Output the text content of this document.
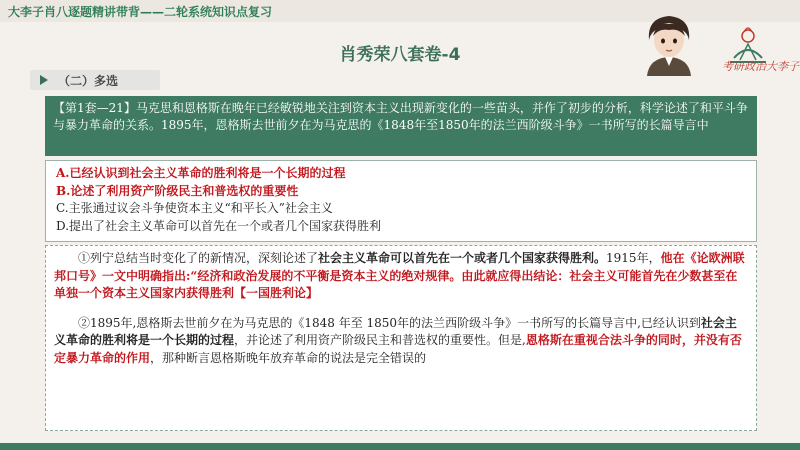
大李子肖八逐题精讲带背——二轮系统知识点复习
肖秀荣八套卷-4
考研政治大李子
（二）多选
【第1套—21】马克思和恩格斯在晚年已经敏锐地关注到资本主义出现新变化的一些苗头，并作了初步的分析，科学论述了和平斗争与暴力革命的关系。1895年，恩格斯去世前夕在为马克思的《1848年至1850年的法兰西阶级斗争》一书所写的长篇导言中
A.已经认识到社会主义革命的胜利将是一个长期的过程
B.论述了利用资产阶级民主和普选权的重要性
C.主张通过议会斗争使资本主义“和平长入”社会主义
D.提出了社会主义革命可以首先在一个或者几个国家获得胜利

①列宁总结当时变化了的新情况，深刻论述了社会主义革命可以首先在一个或者几个国家获得胜利。1915年，他在《论欧洲联邦口号》一文中明确指出:“经济和政治发展的不平衡是资本主义的绝对规律。由此就应得出结论：社会主义可能首先在少数甚至在单独一个资本主义国家内获得胜利【一国胜利论】

②1895年,恩格斯去世前夕在为马克思的《1848 年至 1850年的法兰西阶级斗争》一书所写的长篇导言中,已经认识到社会主义革命的胜利将是一个长期的过程，并论述了利用资产阶级民主和普选权的重要性。但是,恩格斯在重视合法斗争的同时，并没有否定暴力革命的作用，那种断言恩格斯晚年放弃革命的说法是完全错误的
